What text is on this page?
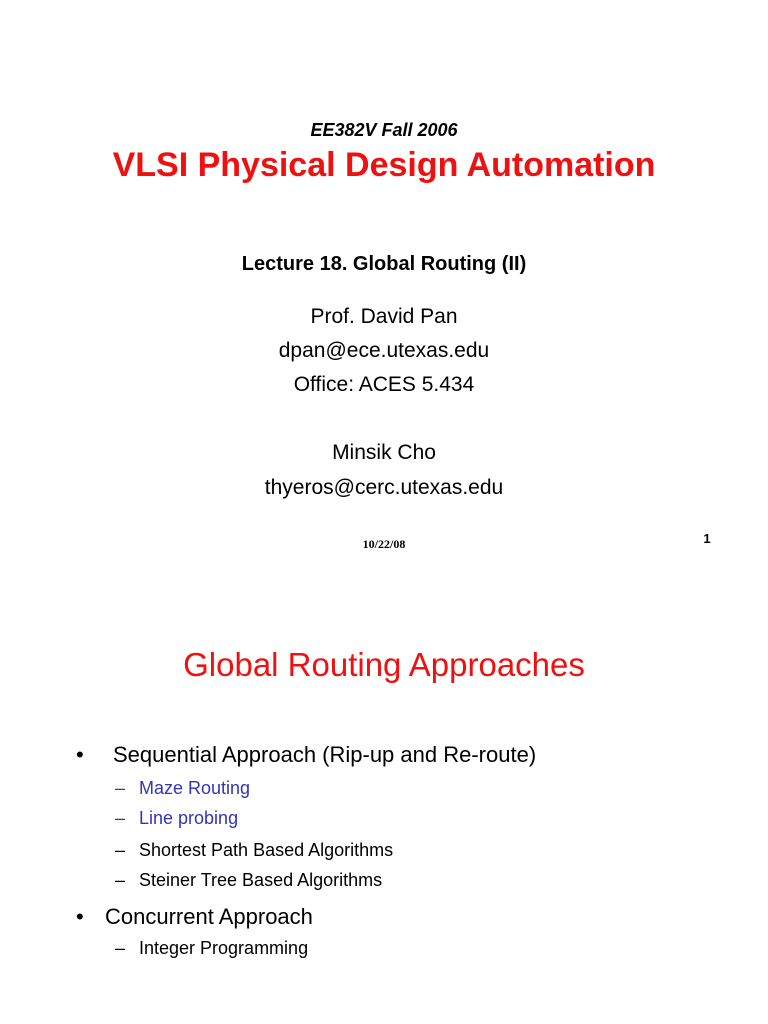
EE382V Fall 2006
VLSI Physical Design Automation
Lecture 18. Global Routing (II)
Prof. David Pan
dpan@ece.utexas.edu
Office: ACES 5.434
Minsik Cho
thyeros@cerc.utexas.edu
10/22/08	1
Global Routing Approaches
• Sequential Approach (Rip-up and Re-route)
– Maze Routing
– Line probing
– Shortest Path Based Algorithms
– Steiner Tree Based Algorithms
• Concurrent Approach
– Integer Programming
